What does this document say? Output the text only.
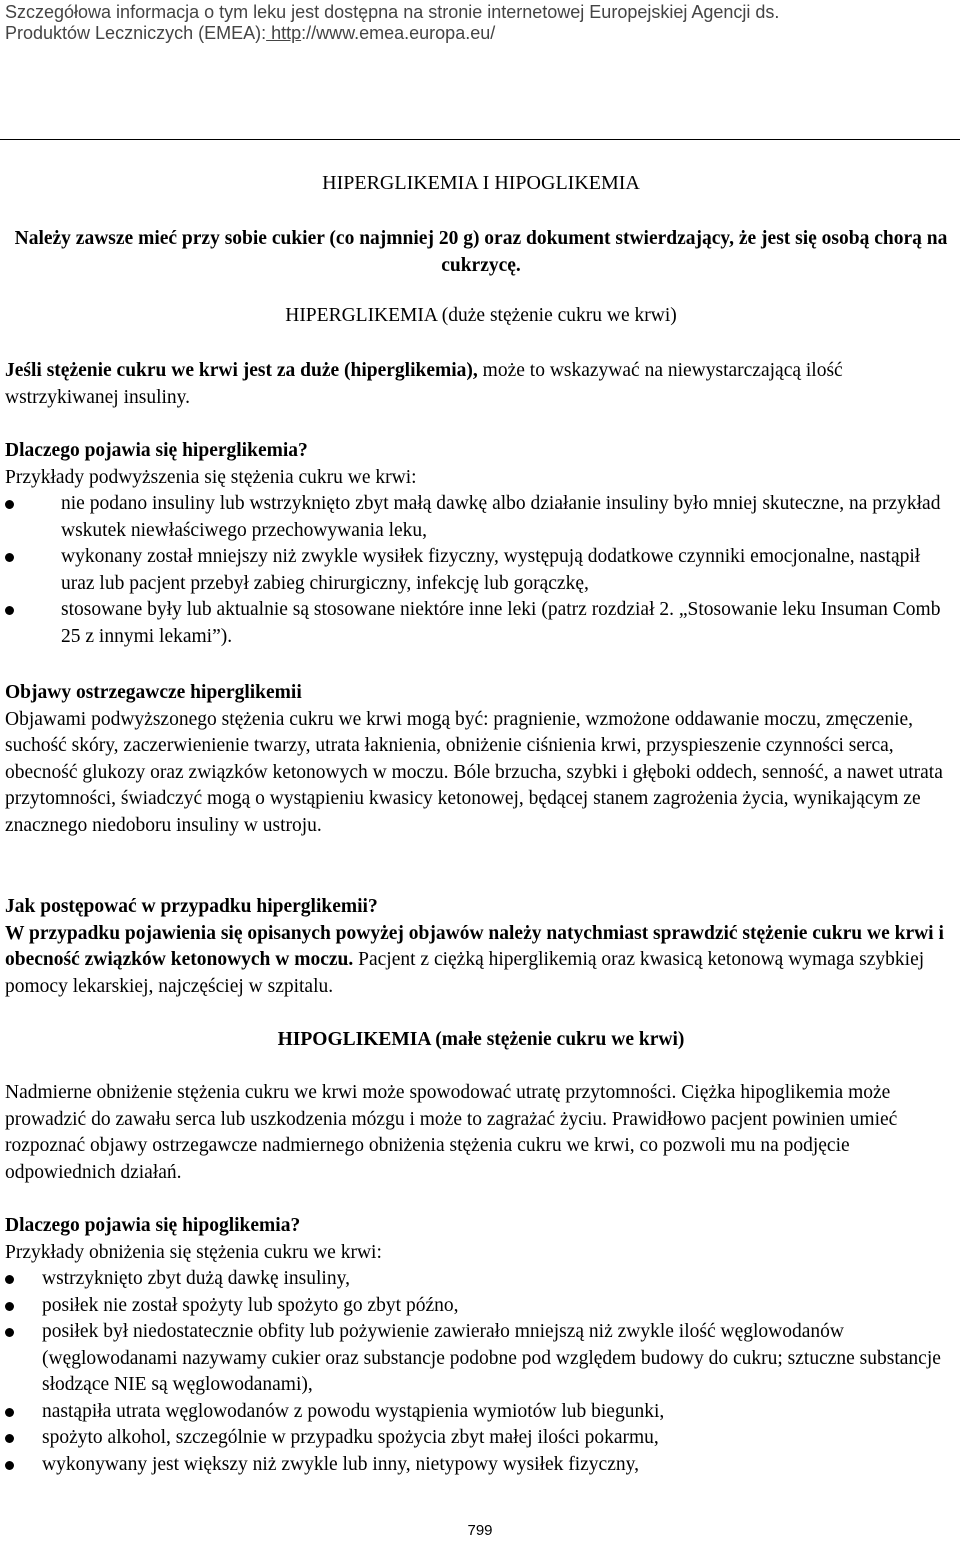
Szczegółowa informacja o tym leku jest dostępna na stronie internetowej Europejskiej Agencji ds.
Produktów Leczniczych (EMEA): http://www.emea.europa.eu/
HIPERGLIKEMIA I HIPOGLIKEMIA
Należy zawsze mieć przy sobie cukier (co najmniej 20 g) oraz dokument stwierdzający, że jest się osobą chorą na cukrzycę.
HIPERGLIKEMIA (duże stężenie cukru we krwi)
Jeśli stężenie cukru we krwi jest za duże (hiperglikemia), może to wskazywać na niewystarczającą ilość wstrzykiwanej insuliny.
Dlaczego pojawia się hiperglikemia?
Przykłady podwyższenia się stężenia cukru we krwi:
nie podano insuliny lub wstrzyknięto zbyt małą dawkę albo działanie insuliny było mniej skuteczne, na przykład wskutek niewłaściwego przechowywania leku,
wykonany został mniejszy niż zwykle wysiłek fizyczny, występują dodatkowe czynniki emocjonalne, nastąpił uraz lub pacjent przebył zabieg chirurgiczny, infekcję lub gorączkę,
stosowane były lub aktualnie są stosowane niektóre inne leki (patrz rozdział 2. „Stosowanie leku Insuman Comb 25 z innymi lekami”).
Objawy ostrzegawcze hiperglikemii
Objawami podwyższonego stężenia cukru we krwi mogą być: pragnienie, wzmożone oddawanie moczu, zmęczenie, suchość skóry, zaczerwienienie twarzy, utrata łaknienia, obniżenie ciśnienia krwi, przyspieszenie czynności serca, obecność glukozy oraz związków ketonowych w moczu. Bóle brzucha, szybki i głęboki oddech, senność, a nawet utrata przytomności, świadczyć mogą o wystąpieniu kwasicy ketonowej, będącej stanem zagrożenia życia, wynikającym ze znacznego niedoboru insuliny w ustroju.
Jak postępować w przypadku hiperglikemii?
W przypadku pojawienia się opisanych powyżej objawów należy natychmiast sprawdzić stężenie cukru we krwi i obecność związków ketonowych w moczu. Pacjent z ciężką hiperglikemią oraz kwasicą ketonową wymaga szybkiej pomocy lekarskiej, najczęściej w szpitalu.
HIPOGLIKEMIA (małe stężenie cukru we krwi)
Nadmierne obniżenie stężenia cukru we krwi może spowodować utratę przytomności. Ciężka hipoglikemia może prowadzić do zawału serca lub uszkodzenia mózgu i może to zagrażać życiu. Prawidłowo pacjent powinien umieć rozpoznać objawy ostrzegawcze nadmiernego obniżenia stężenia cukru we krwi, co pozwoli mu na podjęcie odpowiednich działań.
Dlaczego pojawia się hipoglikemia?
Przykłady obniżenia się stężenia cukru we krwi:
wstrzyknięto zbyt dużą dawkę insuliny,
posiłek nie został spożyty lub spożyto go zbyt późno,
posiłek był niedostatecznie obfity lub pożywienie zawierało mniejszą niż zwykle ilość węglowodanów (węglowodanami nazywamy cukier oraz substancje podobne pod względem budowy do cukru; sztuczne substancje słodzące NIE są węglowodanami),
nastąpiła utrata węglowodanów z powodu wystąpienia wymiotów lub biegunki,
spożyto alkohol, szczególnie w przypadku spożycia zbyt małej ilości pokarmu,
wykonywany jest większy niż zwykle lub inny, nietypowy wysiłek fizyczny,
799
